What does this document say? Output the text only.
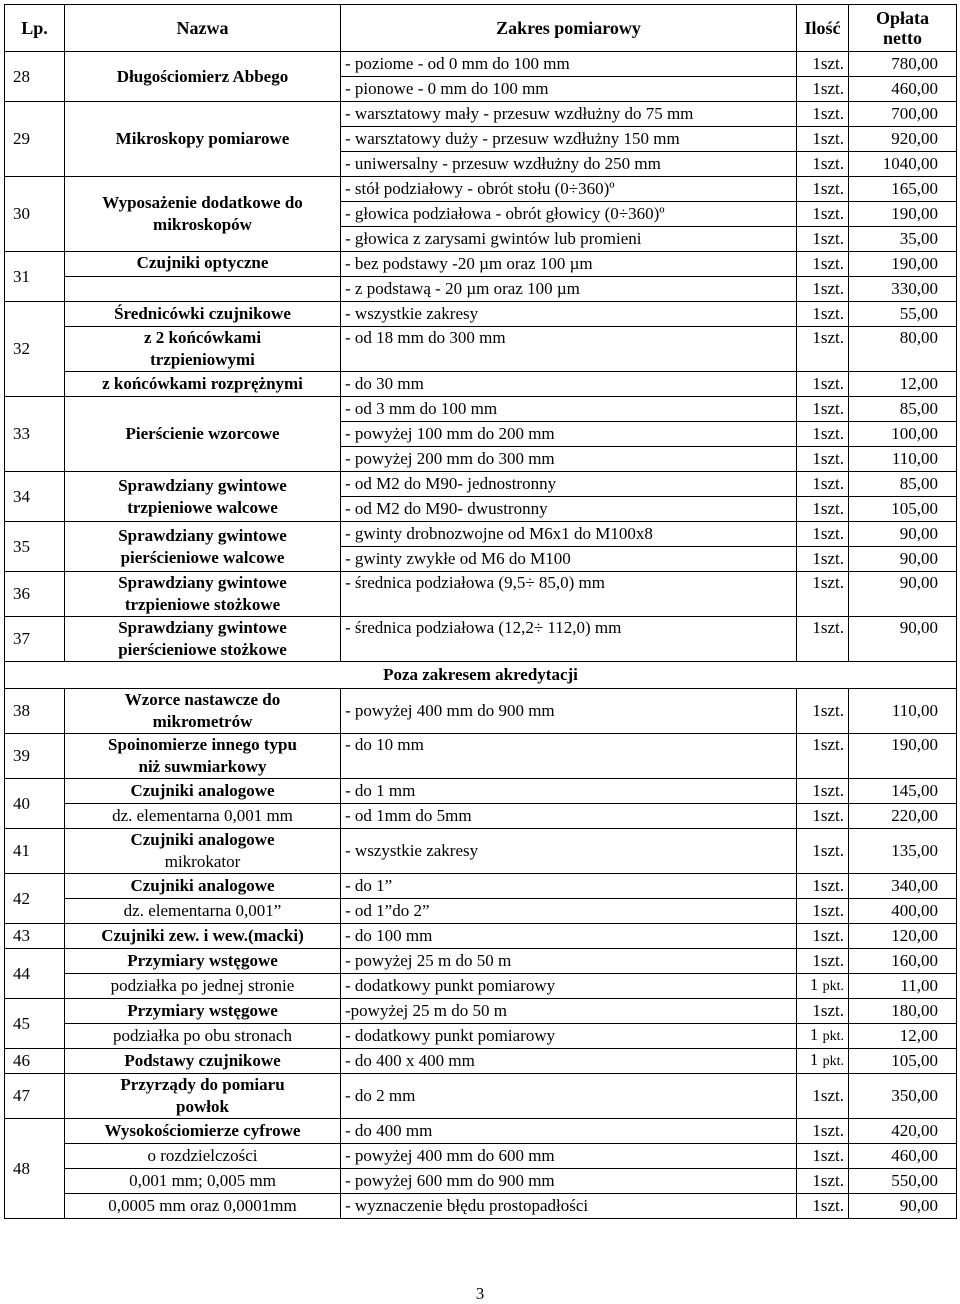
Lp.	Nazwa	Zakres pomiarowy	Ilość	Opłata
netto

28	Długościomierz Abbego	- poziome - od 0 mm do 100 mm	1szt.	780,00
		- pionowe - 0 mm do 100 mm	1szt.	460,00
29	Mikroskopy pomiarowe	- warsztatowy mały - przesuw wzdłużny do 75 mm	1szt.	700,00
		- warsztatowy duży - przesuw wzdłużny 150 mm	1szt.	920,00
		- uniwersalny - przesuw wzdłużny do 250 mm	1szt.	1040,00
30	Wyposażenie dodatkowe do mikroskopów	- stół podziałowy - obrót stołu (0÷360)º	1szt.	165,00
		- głowica podziałowa - obrót głowicy (0÷360)º	1szt.	190,00
		- głowica z zarysami gwintów lub promieni	1szt.	35,00
31	Czujniki optyczne	- bez podstawy -20 µm oraz 100 µm	1szt.	190,00
		- z podstawą - 20 µm oraz 100 µm	1szt.	330,00
32	Średnicówki czujnikowe	- wszystkie zakresy	1szt.	55,00

	z 2 końcówkami
trzpieniowymi	- od 18 mm do 300 mm	1szt.	80,00
	z końcówkami rozprężnymi	- do 30 mm	1szt.	12,00
33	Pierścienie wzorcowe	- od 3 mm do 100 mm	1szt.	85,00
		- powyżej 100 mm do 200 mm	1szt.	100,00
		- powyżej 200 mm do 300 mm	1szt.	110,00
34	Sprawdziany gwintowe
trzpieniowe walcowe	- od M2 do M90- jednostronny	1szt.	85,00
		- od M2 do M90- dwustronny	1szt.	105,00
35	Sprawdziany gwintowe
pierścieniowe walcowe	- gwinty drobnozwojne od M6x1 do M100x8	1szt.	90,00
		- gwinty zwykłe od M6 do M100	1szt.	90,00
36	Sprawdziany gwintowe
trzpieniowe stożkowe	- średnica podziałowa (9,5÷ 85,0) mm	1szt.	90,00
37	Sprawdziany gwintowe
pierścieniowe stożkowe	- średnica podziałowa (12,2÷ 112,0) mm	1szt.	90,00
Poza zakresem akredytacji				
38	Wzorce nastawcze do
mikrometrów	- powyżej 400 mm do 900 mm	1szt.	110,00
39	Spoinomierze innego typu
niż suwmiarkowy	- do 10 mm	1szt.	190,00
40	Czujniki analogowe	- do 1 mm	1szt.	145,00
	dz. elementarna 0,001 mm	- od 1mm do 5mm	1szt.	220,00
41	Czujniki analogowe
mikrokator	- wszystkie zakresy	1szt.	135,00
42	Czujniki analogowe	- do 1”	1szt.	340,00
	dz. elementarna 0,001”	- od 1”do 2”	1szt.	400,00
43	Czujniki zew. i wew.(macki)	- do 100 mm	1szt.	120,00
44	Przymiary wstęgowe	- powyżej 25 m do 50 m	1szt.	160,00
	podziałka po jednej stronie	- dodatkowy punkt pomiarowy	1 pkt.	11,00
45	Przymiary wstęgowe	-powyżej 25 m do 50 m	1szt.	180,00
	podziałka po obu stronach	- dodatkowy punkt pomiarowy	1 pkt.	12,00
46	Podstawy czujnikowe	- do 400 x 400 mm	1 pkt.	105,00
47	Przyrządy do pomiaru
powłok	- do 2 mm	1szt.	350,00
48	Wysokościomierze cyfrowe	- do 400 mm	1szt.	420,00
	o rozdzielczości	- powyżej 400 mm do 600 mm	1szt.	460,00
	0,001 mm; 0,005 mm	- powyżej 600 mm do 900 mm	1szt.	550,00
	0,0005 mm oraz 0,0001mm	- wyznaczenie błędu prostopadłości	1szt.	90,00
3
